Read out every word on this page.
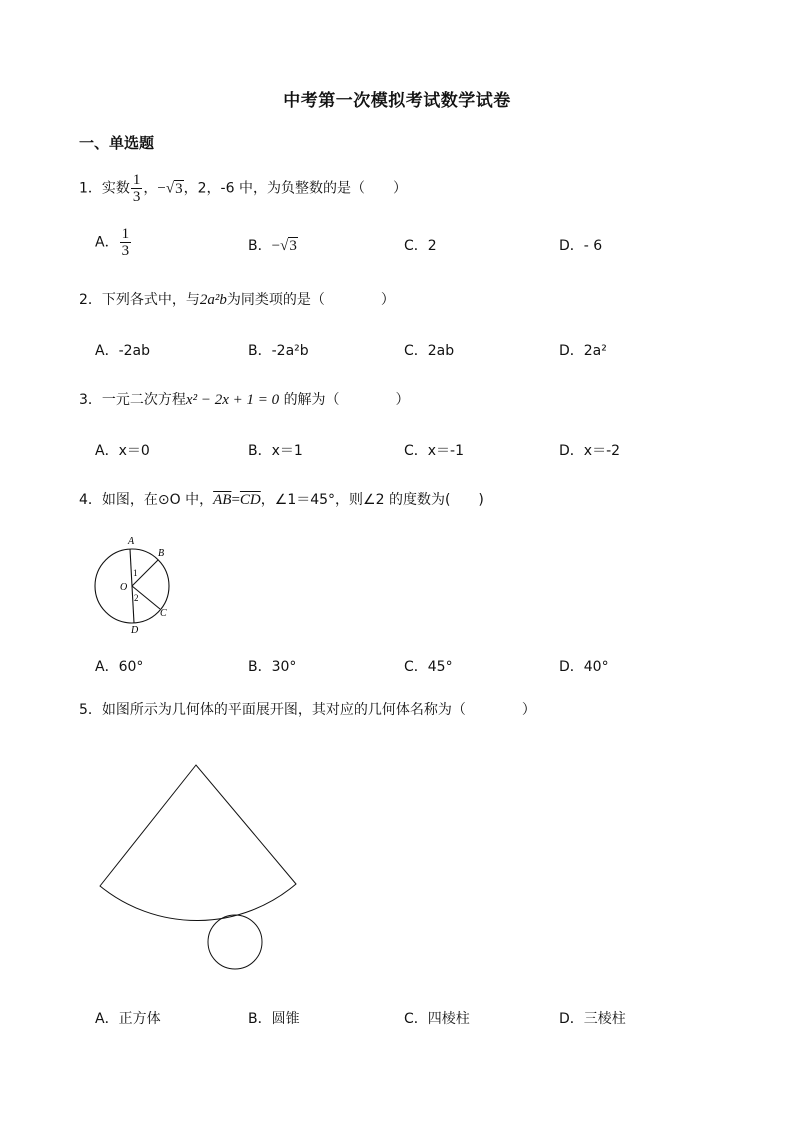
中考第一次模拟考试数学试卷
一、单选题
1．实数 $\frac{1}{3}$ ，−√3，2，-6 中，为负整数的是（　　）
A． $\frac{1}{3}$	B．−√3	C．2	D．- 6
2．下列各式中，与2a²b为同类项的是（　　　　）
A．-2ab	B．-2a²b	C．2ab	D．2a²
3．一元二次方程x² − 2x + 1 = 0 的解为（　　　　）
A．x＝0	B．x＝1	C．x＝-1	D．x＝-2
4．如图，在⊙O 中，$\overline{AB}=\overline{CD}$，∠1＝45°，则∠2 的度数为(　　)
A
B
C
D
O
1
2
A．60°	B．30°	C．45°	D．40°
5．如图所示为几何体的平面展开图，其对应的几何体名称为（　　　　）
A．正方体	B．圆锥	C．四棱柱	D．三棱柱
